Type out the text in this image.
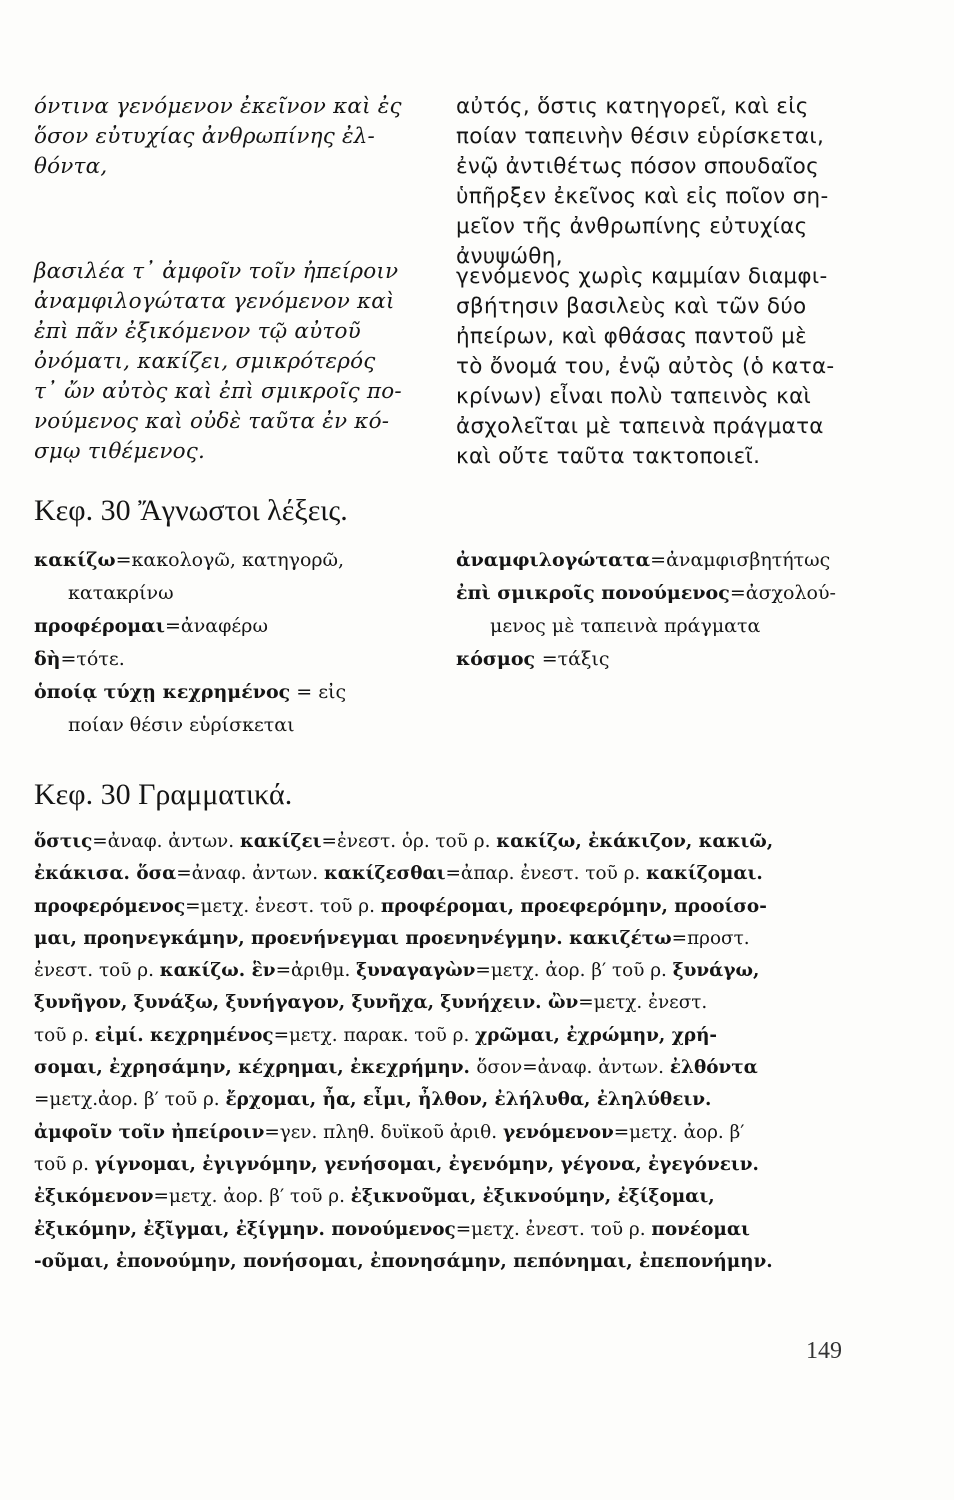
όντινα γενόμενον ἐκεῖνον καὶ ἐς
ὅσον εὐτυχίας ἀνθρωπίνης ἐλ-
θόντα,
βασιλέα τ᾽ ἀμφοῖν τοῖν ἠπείροιν
ἀναμφιλογώτατα γενόμενον καὶ
ἐπὶ πᾶν ἐξικόμενον τῷ αὐτοῦ
ὀνόματι, κακίζει, σμικρότερός
τ᾽ ὤν αὐτὸς καὶ ἐπὶ σμικροῖς πο-
νούμενος καὶ οὐδὲ ταῦτα ἐν κό-
σμῳ τιθέμενος.
αὐτός, ὅστις κατηγορεῖ, καὶ εἰς
ποίαν ταπεινὴν θέσιν εὑρίσκεται,
ἐνῷ ἀντιθέτως πόσον σπουδαῖος
ὑπῆρξεν ἐκεῖνος καὶ εἰς ποῖον ση-
μεῖον τῆς ἀνθρωπίνης εὐτυχίας
ἀνυψώθη,
γενόμενος χωρὶς καμμίαν διαμφι-
σβήτησιν βασιλεὺς καὶ τῶν δύο
ἠπείρων, καὶ φθάσας παντοῦ μὲ
τὸ ὄνομά του, ἐνῷ αὐτὸς (ὁ κατα-
κρίνων) εἶναι πολὺ ταπεινὸς καὶ
ἀσχολεῖται μὲ ταπεινὰ πράγματα
καὶ οὔτε ταῦτα τακτοποιεῖ.
Κεφ. 30 Ἄγνωστοι λέξεις.
κακίζω=κακολογῶ, κατηγορῶ,
κατακρίνω
προφέρομαι=ἀναφέρω
δὴ=τότε.
ὁποίᾳ τύχῃ κεχρημένος = εἰς
ποίαν θέσιν εὑρίσκεται
ἀναμφιλογώτατα=ἀναμφισβητήτως
ἐπὶ σμικροῖς πονούμενος=ἀσχολού-
μενος μὲ ταπεινὰ πράγματα
κόσμος =τάξις
Κεφ. 30 Γραμματικά.
ὅστις=ἀναφ. ἀντων. κακίζει=ἐνεστ. ὁρ. τοῦ ρ. κακίζω, ἐκάκιζον, κακιῶ,
ἐκάκισα. ὅσα=ἀναφ. ἀντων. κακίζεσθαι=ἀπαρ. ἐνεστ. τοῦ ρ. κακίζομαι.
προφερόμενος=μετχ. ἐνεστ. τοῦ ρ. προφέρομαι, προεφερόμην, προοίσο-
μαι, προηνεγκάμην, προενήνεγμαι προενηνέγμην. κακιζέτω=προστ.
ἐνεστ. τοῦ ρ. κακίζω. ἓν=ἀριθμ. ξυναγαγὼν=μετχ. ἀορ. β′ τοῦ ρ. ξυνάγω,
ξυνῆγον, ξυνάξω, ξυνήγαγον, ξυνῆχα, ξυνήχειν. ὢν=μετχ. ἐνεστ.
τοῦ ρ. εἰμί. κεχρημένος=μετχ. παρακ. τοῦ ρ. χρῶμαι, ἐχρώμην, χρή-
σομαι, ἐχρησάμην, κέχρημαι, ἐκεχρήμην. ὅσον=ἀναφ. ἀντων. ἐλθόντα
=μετχ.ἀορ. β′ τοῦ ρ. ἔρχομαι, ἦα, εἶμι, ἦλθον, ἐλήλυθα, ἐληλύθειν.
ἀμφοῖν τοῖν ἠπείροιν=γεν. πληθ. δυϊκοῦ ἀριθ. γενόμενον=μετχ. ἀορ. β′
τοῦ ρ. γίγνομαι, ἐγιγνόμην, γενήσομαι, ἐγενόμην, γέγονα, ἐγεγόνειν.
ἐξικόμενον=μετχ. ἀορ. β′ τοῦ ρ. ἐξικνοῦμαι, ἐξικνούμην, ἐξίξομαι,
ἐξικόμην, ἐξῖγμαι, ἐξίγμην. πονούμενος=μετχ. ἐνεστ. τοῦ ρ. πονέομαι
-οῦμαι, ἐπονούμην, πονήσομαι, ἐπονησάμην, πεπόνημαι, ἐπεπονήμην.
149
